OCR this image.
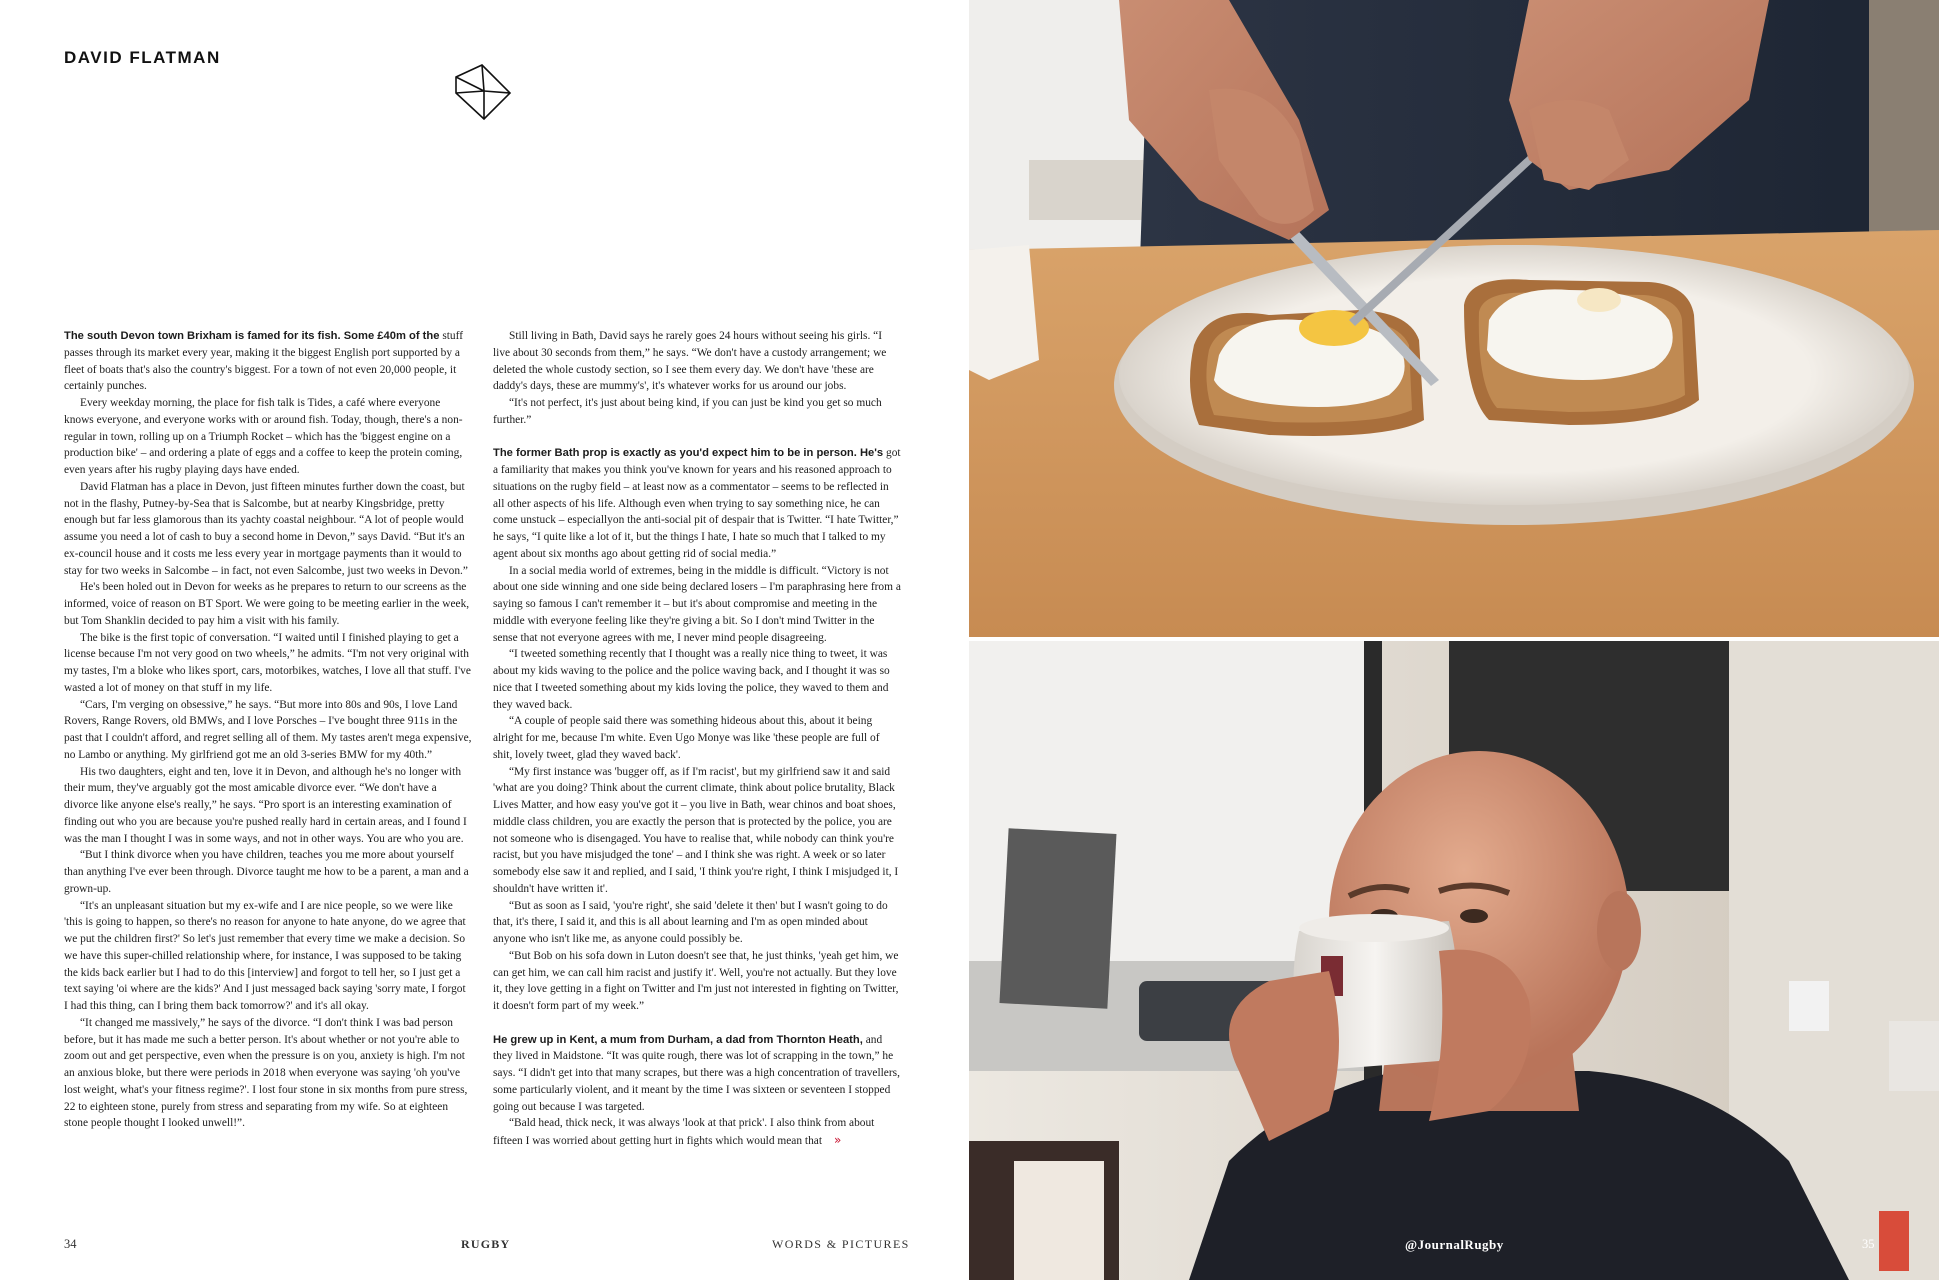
DAVID FLATMAN

The south Devon town Brixham is famed for its fish. Some £40m of the stuff passes through its market every year, making it the biggest English port supported by a fleet of boats that's also the country's biggest. For a town of not even 20,000 people, it certainly punches.

Every weekday morning, the place for fish talk is Tides, a café where everyone knows everyone, and everyone works with or around fish. Today, though, there's a non-regular in town, rolling up on a Triumph Rocket – which has the 'biggest engine on a production bike' – and ordering a plate of eggs and a coffee to keep the protein coming, even years after his rugby playing days have ended.

David Flatman has a place in Devon, just fifteen minutes further down the coast, but not in the flashy, Putney-by-Sea that is Salcombe, but at nearby Kingsbridge, pretty enough but far less glamorous than its yachty coastal neighbour. “A lot of people would assume you need a lot of cash to buy a second home in Devon,” says David. “But it's an ex-council house and it costs me less every year in mortgage payments than it would to stay for two weeks in Salcombe – in fact, not even Salcombe, just two weeks in Devon.”

He's been holed out in Devon for weeks as he prepares to return to our screens as the informed, voice of reason on BT Sport. We were going to be meeting earlier in the week, but Tom Shanklin decided to pay him a visit with his family.

The bike is the first topic of conversation. “I waited until I finished playing to get a license because I'm not very good on two wheels,” he admits. “I'm not very original with my tastes, I'm a bloke who likes sport, cars, motorbikes, watches, I love all that stuff. I've wasted a lot of money on that stuff in my life.

“Cars, I'm verging on obsessive,” he says. “But more into 80s and 90s, I love Land Rovers, Range Rovers, old BMWs, and I love Porsches – I've bought three 911s in the past that I couldn't afford, and regret selling all of them. My tastes aren't mega expensive, no Lambo or anything. My girlfriend got me an old 3-series BMW for my 40th.”

His two daughters, eight and ten, love it in Devon, and although he's no longer with their mum, they've arguably got the most amicable divorce ever. “We don't have a divorce like anyone else's really,” he says. “Pro sport is an interesting examination of finding out who you are because you're pushed really hard in certain areas, and I found I was the man I thought I was in some ways, and not in other ways. You are who you are.

“But I think divorce when you have children, teaches you me more about yourself than anything I've ever been through. Divorce taught me how to be a parent, a man and a grown-up.

“It's an unpleasant situation but my ex-wife and I are nice people, so we were like 'this is going to happen, so there's no reason for anyone to hate anyone, do we agree that we put the children first?' So let's just remember that every time we make a decision. So we have this super-chilled relationship where, for instance, I was supposed to be taking the kids back earlier but I had to do this [interview] and forgot to tell her, so I just get a text saying 'oi where are the kids?' And I just messaged back saying 'sorry mate, I forgot I had this thing, can I bring them back tomorrow?' and it's all okay.

“It changed me massively,” he says of the divorce. “I don't think I was bad person before, but it has made me such a better person. It's about whether or not you're able to zoom out and get perspective, even when the pressure is on you, anxiety is high. I'm not an anxious bloke, but there were periods in 2018 when everyone was saying 'oh you've lost weight, what's your fitness regime?'. I lost four stone in six months from pure stress, 22 to eighteen stone, purely from stress and separating from my wife. So at eighteen stone people thought I looked unwell!”.

Still living in Bath, David says he rarely goes 24 hours without seeing his girls. “I live about 30 seconds from them,” he says. “We don't have a custody arrangement; we deleted the whole custody section, so I see them every day. We don't have 'these are daddy's days, these are mummy's', it's whatever works for us around our jobs.

“It's not perfect, it's just about being kind, if you can just be kind you get so much further.”

The former Bath prop is exactly as you'd expect him to be in person. He's got a familiarity that makes you think you've known for years and his reasoned approach to situations on the rugby field – at least now as a commentator – seems to be reflected in all other aspects of his life. Although even when trying to say something nice, he can come unstuck – especiallyon the anti-social pit of despair that is Twitter. “I hate Twitter,” he says, “I quite like a lot of it, but the things I hate, I hate so much that I talked to my agent about six months ago about getting rid of social media.”

In a social media world of extremes, being in the middle is difficult. “Victory is not about one side winning and one side being declared losers – I'm paraphrasing here from a saying so famous I can't remember it – but it's about compromise and meeting in the middle with everyone feeling like they're giving a bit. So I don't mind Twitter in the sense that not everyone agrees with me, I never mind people disagreeing.

“I tweeted something recently that I thought was a really nice thing to tweet, it was about my kids waving to the police and the police waving back, and I thought it was so nice that I tweeted something about my kids loving the police, they waved to them and they waved back.

“A couple of people said there was something hideous about this, about it being alright for me, because I'm white. Even Ugo Monye was like 'these people are full of shit, lovely tweet, glad they waved back'.

“My first instance was 'bugger off, as if I'm racist', but my girlfriend saw it and said 'what are you doing? Think about the current climate, think about police brutality, Black Lives Matter, and how easy you've got it – you live in Bath, wear chinos and boat shoes, middle class children, you are exactly the person that is protected by the police, you are not someone who is disengaged. You have to realise that, while nobody can think you're racist, but you have misjudged the tone' – and I think she was right. A week or so later somebody else saw it and replied, and I said, 'I think you're right, I think I misjudged it, I shouldn't have written it'.

“But as soon as I said, 'you're right', she said 'delete it then' but I wasn't going to do that, it's there, I said it, and this is all about learning and I'm as open minded about anyone who isn't like me, as anyone could possibly be.

“But Bob on his sofa down in Luton doesn't see that, he just thinks, 'yeah get him, we can get him, we can call him racist and justify it'. Well, you're not actually. But they love it, they love getting in a fight on Twitter and I'm just not interested in fighting on Twitter, it doesn't form part of my week.”

He grew up in Kent, a mum from Durham, a dad from Thornton Heath, and they lived in Maidstone. “It was quite rough, there was lot of scrapping in the town,” he says. “I didn't get into that many scrapes, but there was a high concentration of travellers, some particularly violent, and it meant by the time I was sixteen or seventeen I stopped going out because I was targeted.

“Bald head, thick neck, it was always 'look at that prick'. I also think from about fifteen I was worried about getting hurt in fights which would mean that »

34	RUGBY	WORDS & PICTURES	@JournalRugby	35
